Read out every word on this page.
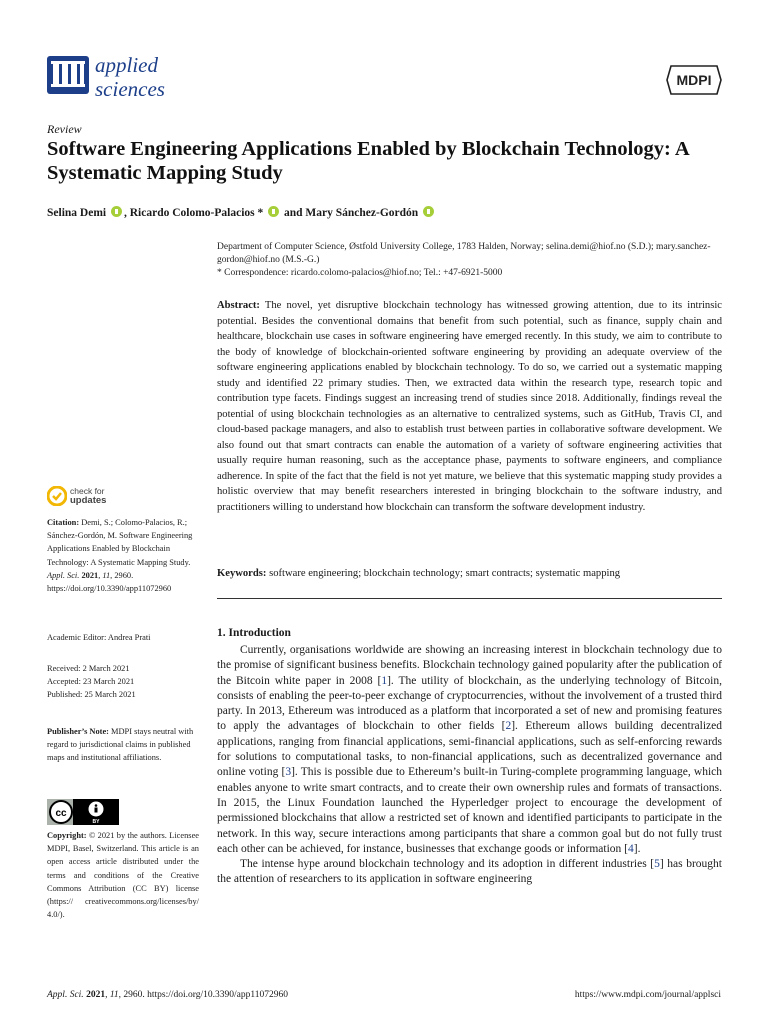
applied
sciences	MDPI
Review
Software Engineering Applications Enabled by Blockchain Technology: A Systematic Mapping Study
Selina Demi , Ricardo Colomo-Palacios * and Mary Sánchez-Gordón
Department of Computer Science, Østfold University College, 1783 Halden, Norway; selina.demi@hiof.no (S.D.); mary.sanchez-gordon@hiof.no (M.S.-G.)
* Correspondence: ricardo.colomo-palacios@hiof.no; Tel.: +47-6921-5000
Abstract: The novel, yet disruptive blockchain technology has witnessed growing attention, due to its intrinsic potential. Besides the conventional domains that benefit from such potential, such as finance, supply chain and healthcare, blockchain use cases in software engineering have emerged recently. In this study, we aim to contribute to the body of knowledge of blockchain-oriented software engineering by providing an adequate overview of the software engineering applications enabled by blockchain technology. To do so, we carried out a systematic mapping study and identified 22 primary studies. Then, we extracted data within the research type, research topic and contribution type facets. Findings suggest an increasing trend of studies since 2018. Additionally, findings reveal the potential of using blockchain technologies as an alternative to centralized systems, such as GitHub, Travis CI, and cloud-based package managers, and also to establish trust between parties in collaborative software development. We also found out that smart contracts can enable the automation of a variety of software engineering activities that usually require human reasoning, such as the acceptance phase, payments to software engineers, and compliance adherence. In spite of the fact that the field is not yet mature, we believe that this systematic mapping study provides a holistic overview that may benefit researchers interested in bringing blockchain to the software industry, and practitioners willing to understand how blockchain can transform the software development industry.
Keywords: software engineering; blockchain technology; smart contracts; systematic mapping
check for
updates
Citation: Demi, S.; Colomo-Palacios, R.; Sánchez-Gordón, M. Software Engineering Applications Enabled by Blockchain Technology: A Systematic Mapping Study. Appl. Sci. 2021, 11, 2960. https://doi.org/10.3390/app11072960
Academic Editor: Andrea Prati
Received: 2 March 2021
Accepted: 23 March 2021
Published: 25 March 2021
Publisher’s Note: MDPI stays neutral with regard to jurisdictional claims in published maps and institutional affiliations.
cc
BY
Copyright: © 2021 by the authors. Licensee MDPI, Basel, Switzerland. This article is an open access article distributed under the terms and conditions of the Creative Commons Attribution (CC BY) license (https:// creativecommons.org/licenses/by/ 4.0/).
1. Introduction

Currently, organisations worldwide are showing an increasing interest in blockchain technology due to the promise of significant business benefits. Blockchain technology gained popularity after the publication of the Bitcoin white paper in 2008 [1]. The utility of blockchain, as the underlying technology of Bitcoin, consists of enabling the peer-to-peer exchange of cryptocurrencies, without the involvement of a trusted third party. In 2013, Ethereum was introduced as a platform that incorporated a set of new and promising features to apply the advantages of blockchain to other fields [2]. Ethereum allows building decentralized applications, ranging from financial applications, semi-financial applications, such as self-enforcing rewards for solutions to computational tasks, to non-financial applications, such as decentralized governance and online voting [3]. This is possible due to Ethereum’s built-in Turing-complete programming language, which enables anyone to write smart contracts, and to create their own ownership rules and formats of transactions. In 2015, the Linux Foundation launched the Hyperledger project to encourage the development of permissioned blockchains that allow a restricted set of known and identified participants to participate in the network. In this way, secure interactions among participants that share a common goal but do not fully trust each other can be achieved, for instance, businesses that exchange goods or information [4].

The intense hype around blockchain technology and its adoption in different industries [5] has brought the attention of researchers to its application in software engineering

Appl. Sci. 2021, 11, 2960. https://doi.org/10.3390/app11072960	https://www.mdpi.com/journal/applsci
